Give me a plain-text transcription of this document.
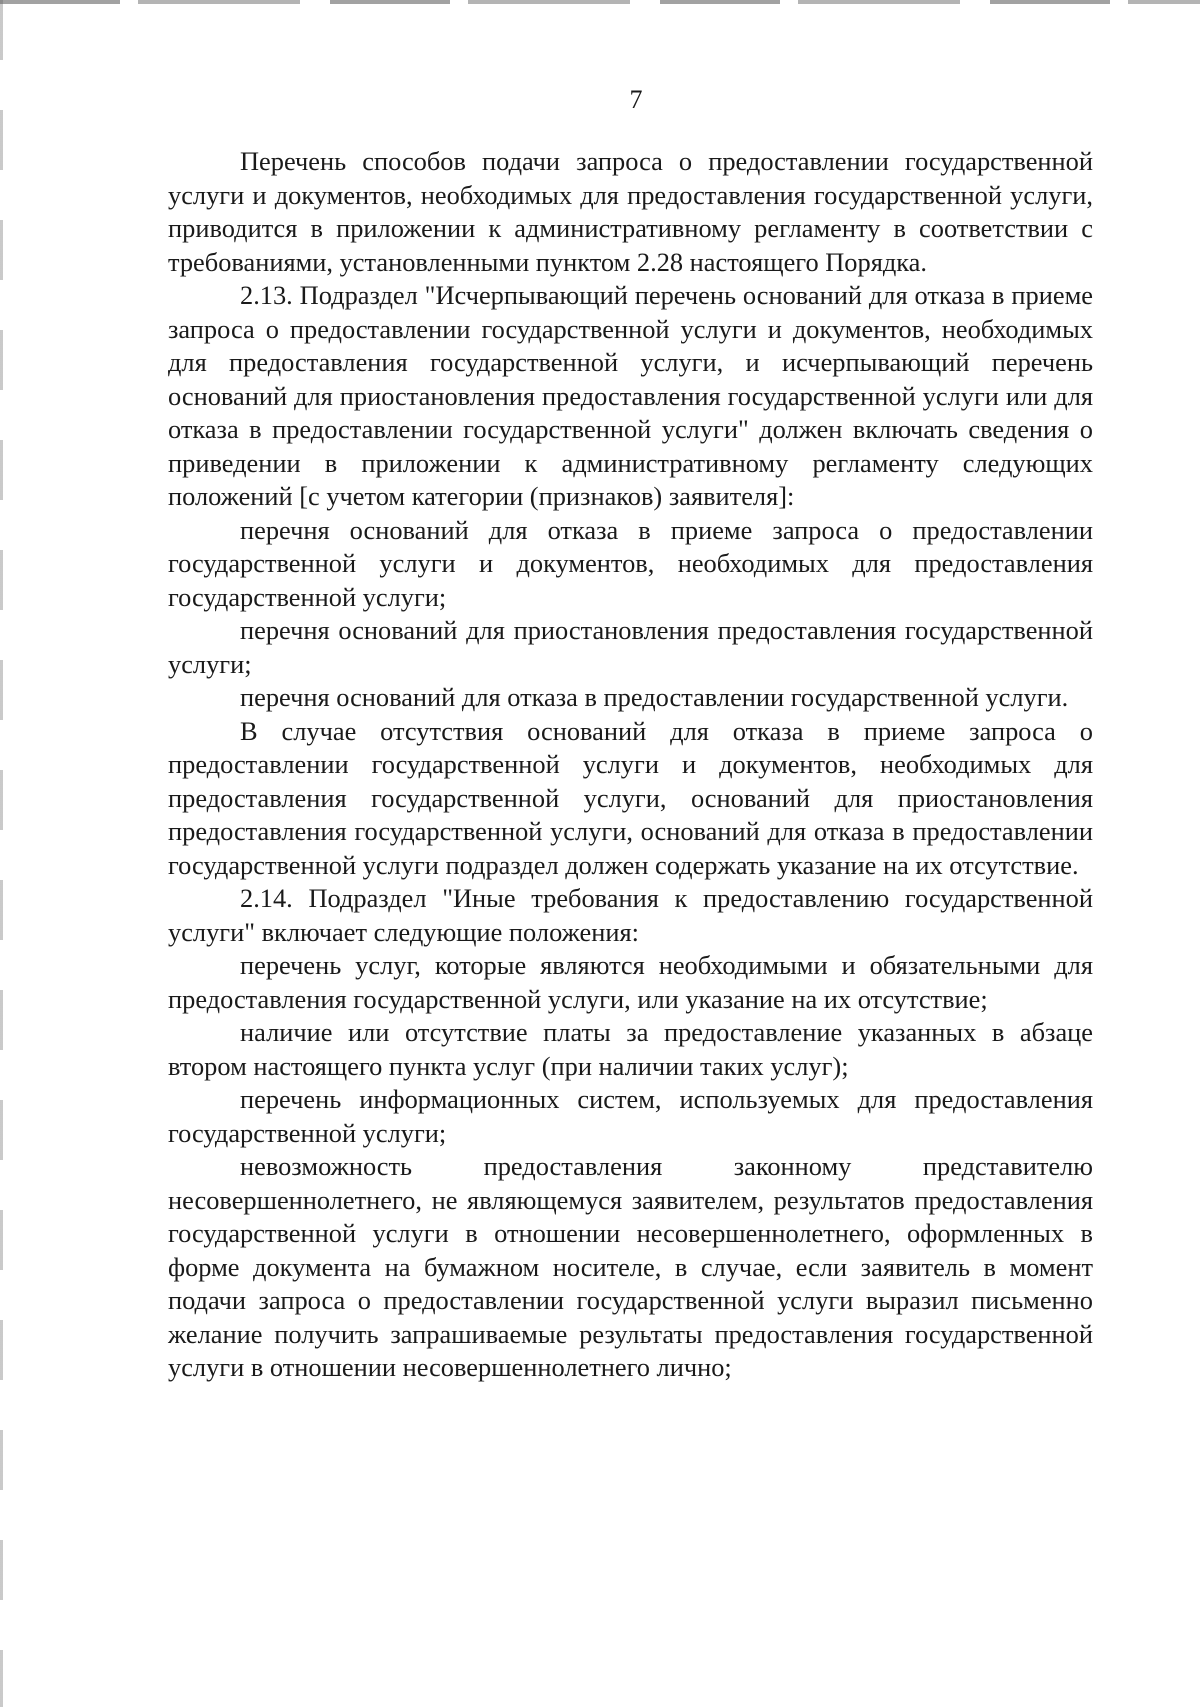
7

Перечень способов подачи запроса о предоставлении государственной услуги и документов, необходимых для предоставления государственной услуги, приводится в приложении к административному регламенту в соответствии с требованиями, установленными пунктом 2.28 настоящего Порядка.

2.13. Подраздел "Исчерпывающий перечень оснований для отказа в приеме запроса о предоставлении государственной услуги и документов, необходимых для предоставления государственной услуги, и исчерпывающий перечень оснований для приостановления предоставления государственной услуги или для отказа в предоставлении государственной услуги" должен включать сведения о приведении в приложении к административному регламенту следующих положений [с учетом категории (признаков) заявителя]:

перечня оснований для отказа в приеме запроса о предоставлении государственной услуги и документов, необходимых для предоставления государственной услуги;

перечня оснований для приостановления предоставления государственной услуги;

перечня оснований для отказа в предоставлении государственной услуги.

В случае отсутствия оснований для отказа в приеме запроса о предоставлении государственной услуги и документов, необходимых для предоставления государственной услуги, оснований для приостановления предоставления государственной услуги, оснований для отказа в предоставлении государственной услуги подраздел должен содержать указание на их отсутствие.

2.14. Подраздел "Иные требования к предоставлению государственной услуги" включает следующие положения:

перечень услуг, которые являются необходимыми и обязательными для предоставления государственной услуги, или указание на их отсутствие;

наличие или отсутствие платы за предоставление указанных в абзаце втором настоящего пункта услуг (при наличии таких услуг);

перечень информационных систем, используемых для предоставления государственной услуги;

невозможность предоставления законному представителю несовершеннолетнего, не являющемуся заявителем, результатов предоставления государственной услуги в отношении несовершеннолетнего, оформленных в форме документа на бумажном носителе, в случае, если заявитель в момент подачи запроса о предоставлении государственной услуги выразил письменно желание получить запрашиваемые результаты предоставления государственной услуги в отношении несовершеннолетнего лично;
